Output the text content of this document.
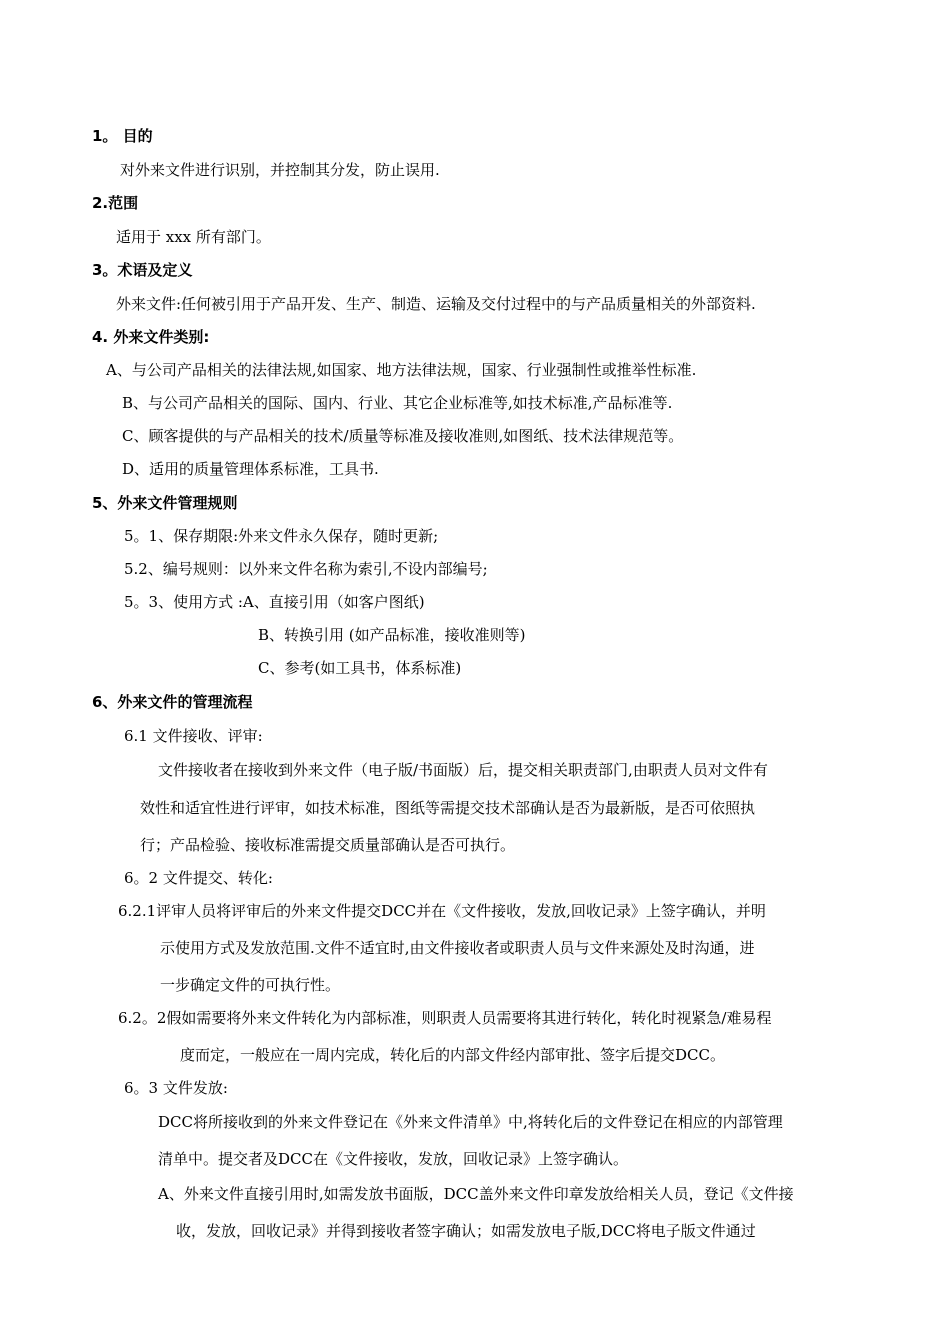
1。 目的
对外来文件进行识别，并控制其分发，防止误用.
2.范围
适用于 xxx 所有部门。
3。术语及定义
外来文件:任何被引用于产品开发、生产、制造、运输及交付过程中的与产品质量相关的外部资料.
4. 外来文件类别:
A、与公司产品相关的法律法规,如国家、地方法律法规，国家、行业强制性或推举性标准.
B、与公司产品相关的国际、国内、行业、其它企业标准等,如技术标准,产品标准等.
C、顾客提供的与产品相关的技术/质量等标准及接收准则,如图纸、技术法律规范等。
D、适用的质量管理体系标准，工具书.
5、外来文件管理规则
5。1、保存期限:外来文件永久保存，随时更新;
5.2、编号规则：以外来文件名称为索引,不设内部编号;
5。3、使用方式 :A、直接引用（如客户图纸)
B、转换引用 (如产品标准，接收准则等)
C、参考(如工具书，体系标准)
6、外来文件的管理流程
6.1 文件接收、评审:
文件接收者在接收到外来文件（电子版/书面版）后，提交相关职责部门,由职责人员对文件有
效性和适宜性进行评审，如技术标准，图纸等需提交技术部确认是否为最新版，是否可依照执
行；产品检验、接收标准需提交质量部确认是否可执行。
6。2 文件提交、转化:
6.2.1评审人员将评审后的外来文件提交DCC并在《文件接收，发放,回收记录》上签字确认，并明
示使用方式及发放范围.文件不适宜时,由文件接收者或职责人员与文件来源处及时沟通，进
一步确定文件的可执行性。
6.2。2假如需要将外来文件转化为内部标准，则职责人员需要将其进行转化，转化时视紧急/难易程
度而定，一般应在一周内完成，转化后的内部文件经内部审批、签字后提交DCC。
6。3 文件发放:
DCC将所接收到的外来文件登记在《外来文件清单》中,将转化后的文件登记在相应的内部管理
清单中。提交者及DCC在《文件接收，发放，回收记录》上签字确认。
A、外来文件直接引用时,如需发放书面版，DCC盖外来文件印章发放给相关人员，登记《文件接
收，发放，回收记录》并得到接收者签字确认；如需发放电子版,DCC将电子版文件通过
